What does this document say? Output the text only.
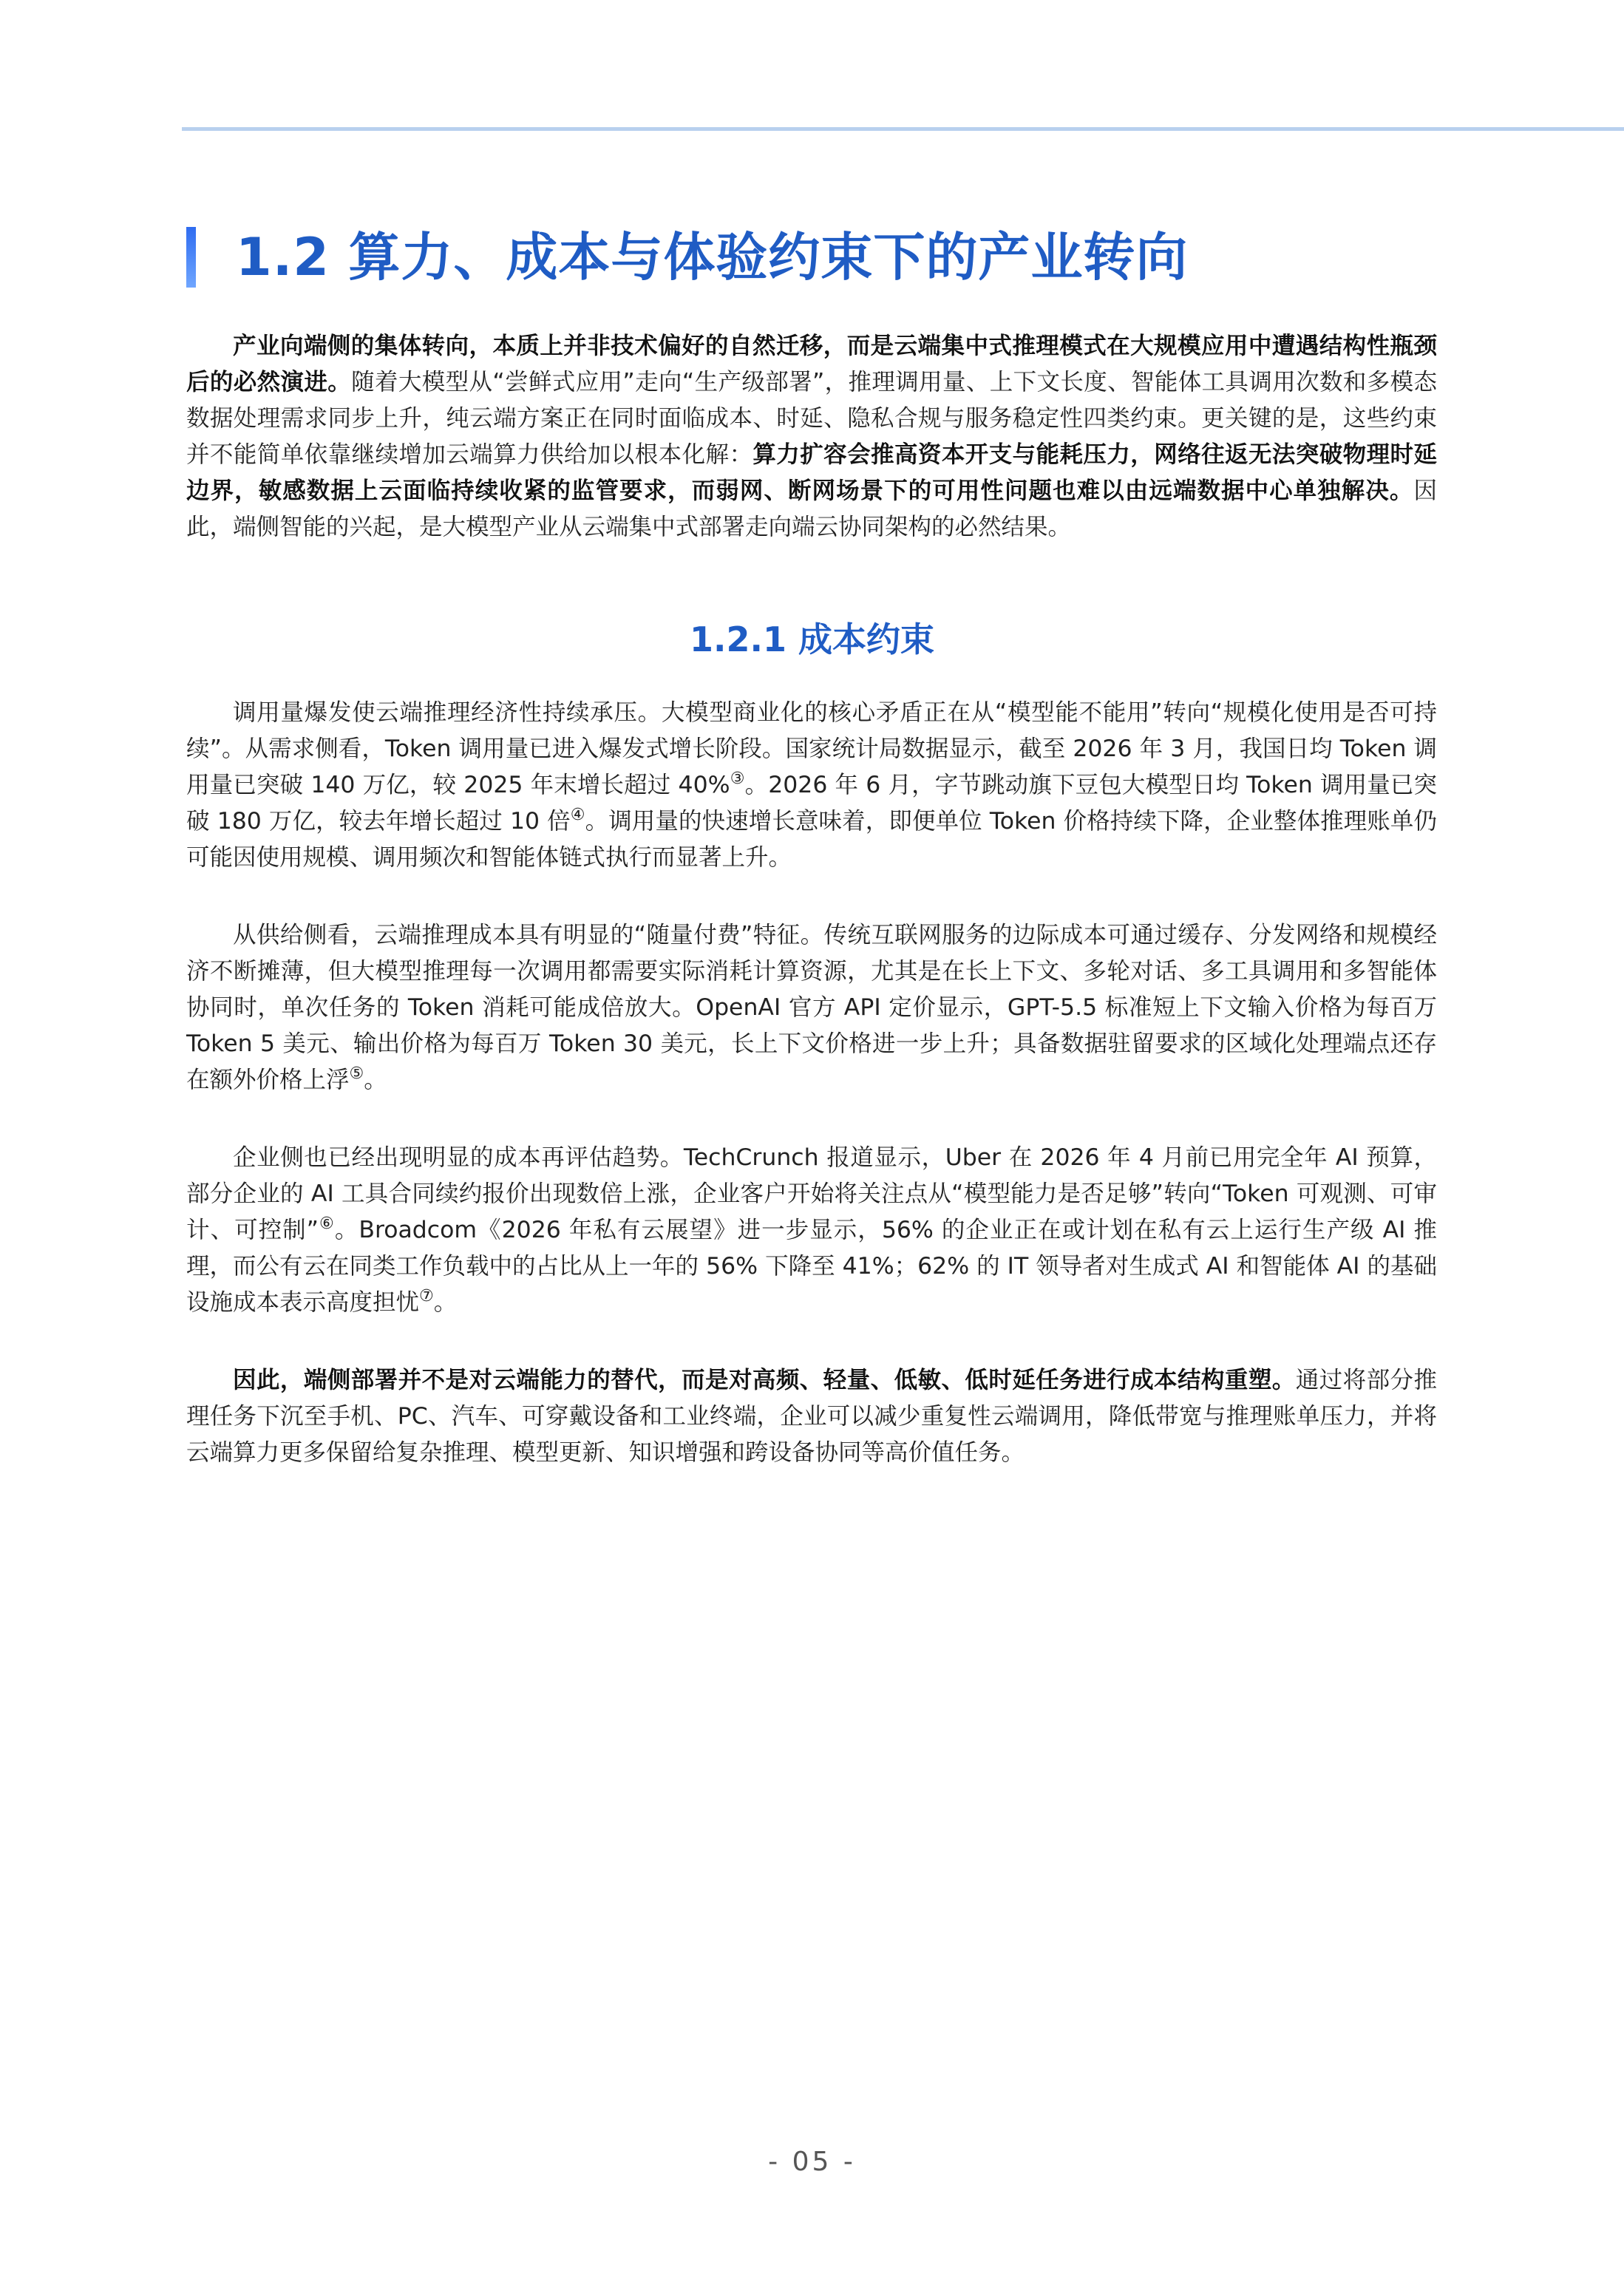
1.2 算力、成本与体验约束下的产业转向

产业向端侧的集体转向，本质上并非技术偏好的自然迁移，而是云端集中式推理模式在大规模应用中遭遇结构性瓶颈后的必然演进。随着大模型从“尝鲜式应用”走向“生产级部署”，推理调用量、上下文长度、智能体工具调用次数和多模态数据处理需求同步上升，纯云端方案正在同时面临成本、时延、隐私合规与服务稳定性四类约束。更关键的是，这些约束并不能简单依靠继续增加云端算力供给加以根本化解：算力扩容会推高资本开支与能耗压力，网络往返无法突破物理时延边界，敏感数据上云面临持续收紧的监管要求，而弱网、断网场景下的可用性问题也难以由远端数据中心单独解决。因此，端侧智能的兴起，是大模型产业从云端集中式部署走向端云协同架构的必然结果。

1.2.1 成本约束

调用量爆发使云端推理经济性持续承压。大模型商业化的核心矛盾正在从“模型能不能用”转向“规模化使用是否可持续”。从需求侧看，Token 调用量已进入爆发式增长阶段。国家统计局数据显示，截至 2026 年 3 月，我国日均 Token 调用量已突破 140 万亿，较 2025 年末增长超过 40%③。2026 年 6 月，字节跳动旗下豆包大模型日均 Token 调用量已突破 180 万亿，较去年增长超过 10 倍④。调用量的快速增长意味着，即便单位 Token 价格持续下降，企业整体推理账单仍可能因使用规模、调用频次和智能体链式执行而显著上升。

从供给侧看，云端推理成本具有明显的“随量付费”特征。传统互联网服务的边际成本可通过缓存、分发网络和规模经济不断摊薄，但大模型推理每一次调用都需要实际消耗计算资源，尤其是在长上下文、多轮对话、多工具调用和多智能体协同时，单次任务的 Token 消耗可能成倍放大。OpenAI 官方 API 定价显示，GPT-5.5 标准短上下文输入价格为每百万 Token 5 美元、输出价格为每百万 Token 30 美元，长上下文价格进一步上升；具备数据驻留要求的区域化处理端点还存在额外价格上浮⑤。

企业侧也已经出现明显的成本再评估趋势。TechCrunch 报道显示，Uber 在 2026 年 4 月前已用完全年 AI 预算，部分企业的 AI 工具合同续约报价出现数倍上涨，企业客户开始将关注点从“模型能力是否足够”转向“Token 可观测、可审计、可控制”⑥。Broadcom《2026 年私有云展望》进一步显示，56% 的企业正在或计划在私有云上运行生产级 AI 推理，而公有云在同类工作负载中的占比从上一年的 56% 下降至 41%；62% 的 IT 领导者对生成式 AI 和智能体 AI 的基础设施成本表示高度担忧⑦。

因此，端侧部署并不是对云端能力的替代，而是对高频、轻量、低敏、低时延任务进行成本结构重塑。通过将部分推理任务下沉至手机、PC、汽车、可穿戴设备和工业终端，企业可以减少重复性云端调用，降低带宽与推理账单压力，并将云端算力更多保留给复杂推理、模型更新、知识增强和跨设备协同等高价值任务。

- 05 -
